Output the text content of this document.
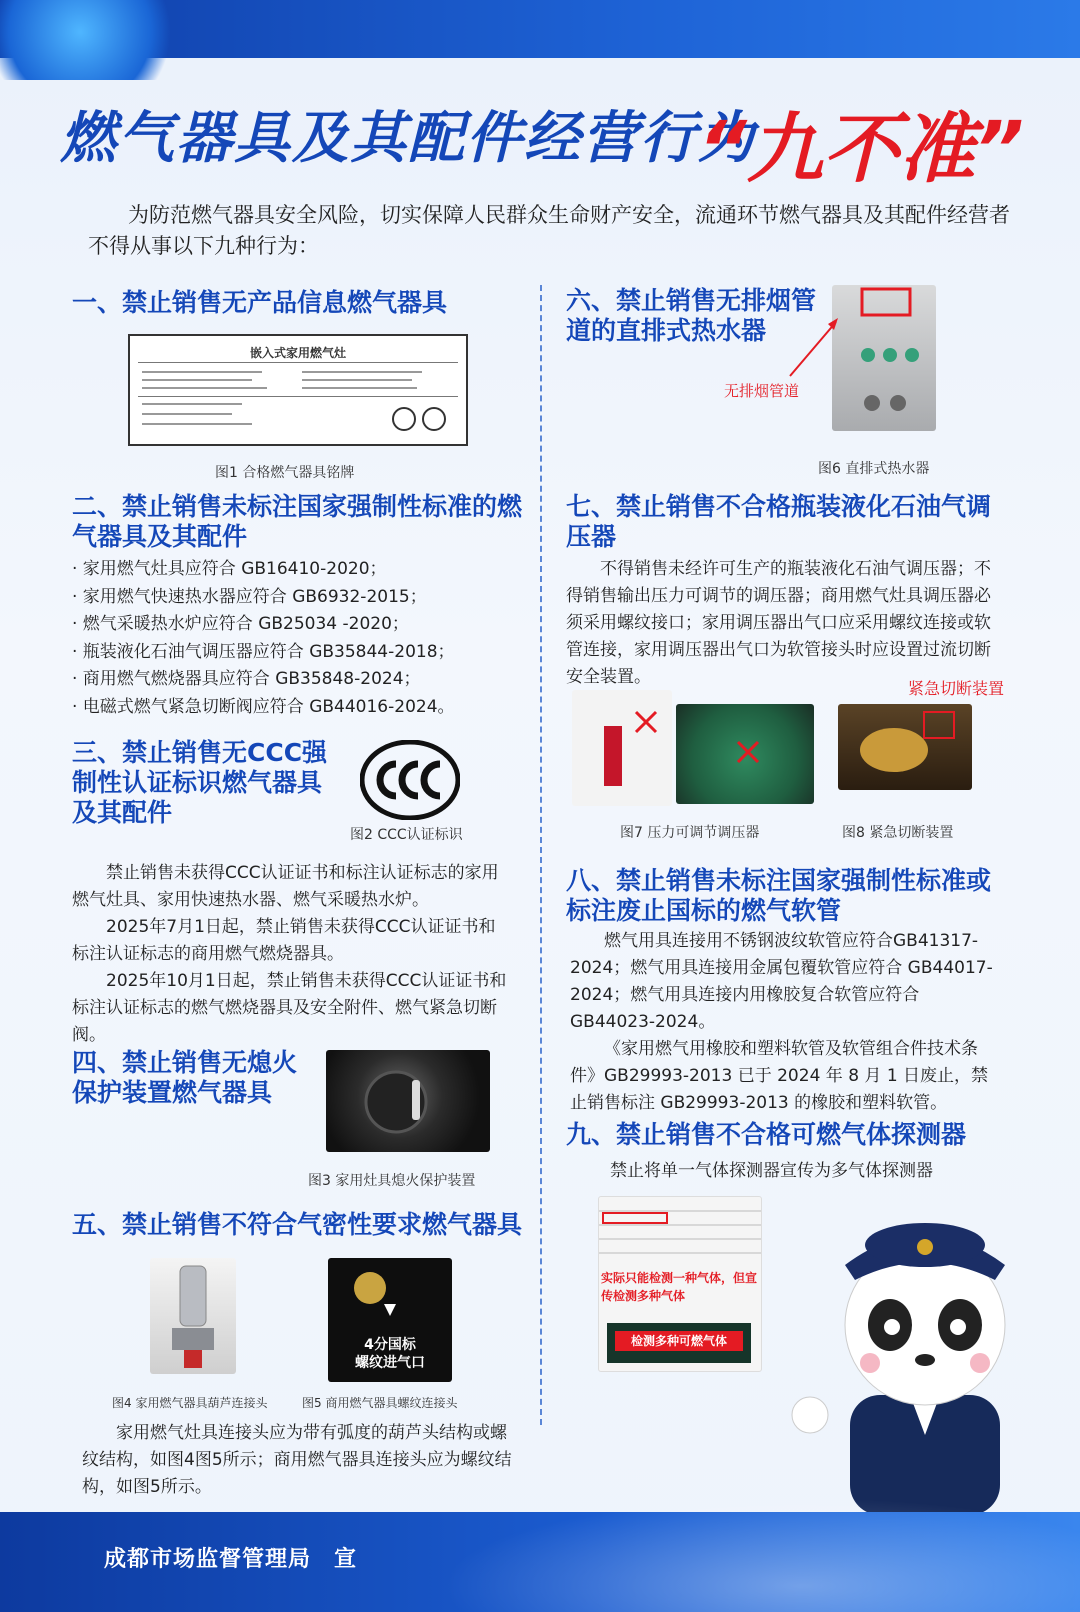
燃气器具及其配件经营行为
“九不准”
为防范燃气器具安全风险，切实保障人民群众生命财产安全，流通环节燃气器具及其配件经营者不得从事以下九种行为：
一、禁止销售无产品信息燃气器具
嵌入式家用燃气灶
图1 合格燃气器具铭牌
二、禁止销售未标注国家强制性标准的燃气器具及其配件
· 家用燃气灶具应符合 GB16410-2020；
· 家用燃气快速热水器应符合 GB6932-2015；
· 燃气采暖热水炉应符合 GB25034 -2020；
· 瓶装液化石油气调压器应符合 GB35844-2018；
· 商用燃气燃烧器具应符合 GB35848-2024；
· 电磁式燃气紧急切断阀应符合 GB44016-2024。
三、禁止销售无CCC强制性认证标识燃气器具及其配件
图2 CCC认证标识
禁止销售未获得CCC认证证书和标注认证标志的家用燃气灶具、家用快速热水器、燃气采暖热水炉。
2025年7月1日起，禁止销售未获得CCC认证证书和标注认证标志的商用燃气燃烧器具。
2025年10月1日起，禁止销售未获得CCC认证证书和标注认证标志的燃气燃烧器具及安全附件、燃气紧急切断阀。
四、禁止销售无熄火保护装置燃气器具
图3 家用灶具熄火保护装置
五、禁止销售不符合气密性要求燃气器具
4分国标
螺纹进气口
图4 家用燃气器具葫芦连接头	图5 商用燃气器具螺纹连接头
家用燃气灶具连接头应为带有弧度的葫芦头结构或螺纹结构，如图4图5所示；商用燃气器具连接头应为螺纹结构，如图5所示。
六、禁止销售无排烟管道的直排式热水器
无排烟管道
图6 直排式热水器
七、禁止销售不合格瓶装液化石油气调压器
不得销售未经许可生产的瓶装液化石油气调压器；不得销售输出压力可调节的调压器；商用燃气灶具调压器必须采用螺纹接口；家用调压器出气口应采用螺纹连接或软管连接，家用调压器出气口为软管接头时应设置过流切断安全装置。
紧急切断装置
图7 压力可调节调压器	图8 紧急切断装置
八、禁止销售未标注国家强制性标准或标注废止国标的燃气软管
燃气用具连接用不锈钢波纹软管应符合GB41317-2024；燃气用具连接用金属包覆软管应符合 GB44017-2024；燃气用具连接内用橡胶复合软管应符合 GB44023-2024。
《家用燃气用橡胶和塑料软管及软管组合件技术条件》GB29993-2013 已于 2024 年 8 月 1 日废止，禁止销售标注 GB29993-2013 的橡胶和塑料软管。
九、禁止销售不合格可燃气体探测器
禁止将单一气体探测器宣传为多气体探测器
实际只能检测一种气体，但宣传检测多种气体
检测多种可燃气体
成都市场监督管理局　宣
